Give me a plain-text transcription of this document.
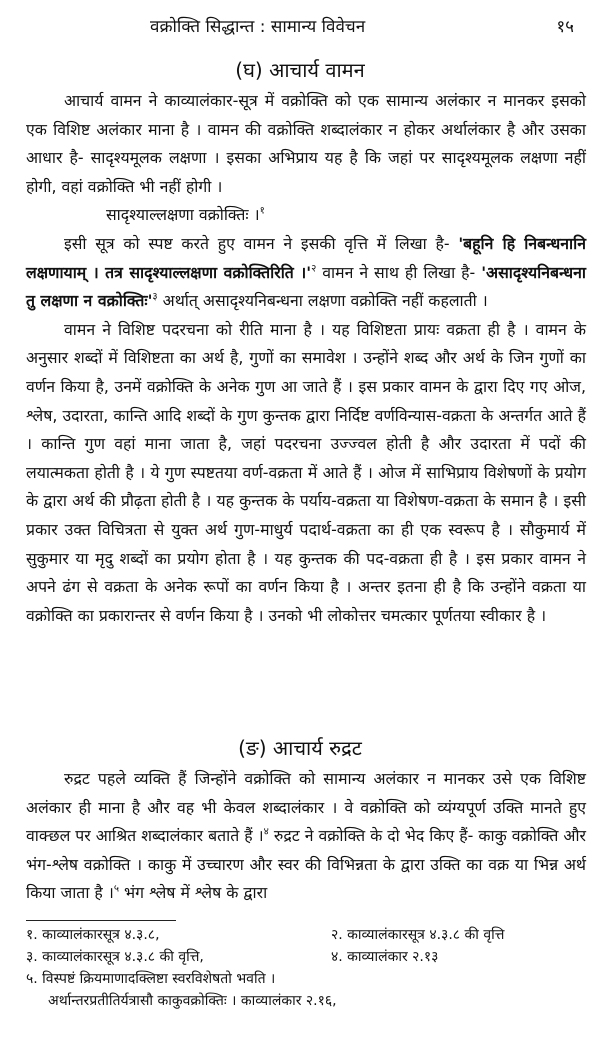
वक्रोक्ति सिद्धान्त : सामान्य विवेचन	१५
(घ) आचार्य वामन

आचार्य वामन ने काव्यालंकार-सूत्र में वक्रोक्ति को एक सामान्य अलंकार न मानकर इसको एक विशिष्ट अलंकार माना है । वामन की वक्रोक्ति शब्दालंकार न होकर अर्थालंकार है और उसका आधार है- सादृश्यमूलक लक्षणा । इसका अभिप्राय यह है कि जहां पर सादृश्यमूलक लक्षणा नहीं होगी, वहां वक्रोक्ति भी नहीं होगी ।

सादृश्याल्लक्षणा वक्रोक्तिः ।$^१$

इसी सूत्र को स्पष्ट करते हुए वामन ने इसकी वृत्ति में लिखा है- 'बहूनि हि निबन्धनानि लक्षणायाम् । तत्र सादृश्याल्लक्षणा वक्रोक्तिरिति $।'^२$ वामन ने साथ ही लिखा है- 'असादृश्यनिबन्धना तु लक्षणा न $वक्रोक्तिः'^३$ अर्थात् असादृश्यनिबन्धना लक्षणा वक्रोक्ति नहीं कहलाती ।

वामन ने विशिष्ट पदरचना को रीति माना है । यह विशिष्टता प्रायः वक्रता ही है । वामन के अनुसार शब्दों में विशिष्टता का अर्थ है, गुणों का समावेश । उन्होंने शब्द और अर्थ के जिन गुणों का वर्णन किया है, उनमें वक्रोक्ति के अनेक गुण आ जाते हैं । इस प्रकार वामन के द्वारा दिए गए ओज, श्लेष, उदारता, कान्ति आदि शब्दों के गुण कुन्तक द्वारा निर्दिष्ट वर्णविन्यास-वक्रता के अन्तर्गत आते हैं । कान्ति गुण वहां माना जाता है, जहां पदरचना उज्ज्वल होती है और उदारता में पदों की लयात्मकता होती है । ये गुण स्पष्टतया वर्ण-वक्रता में आते हैं । ओज में साभिप्राय विशेषणों के प्रयोग के द्वारा अर्थ की प्रौढ़ता होती है । यह कुन्तक के पर्याय-वक्रता या विशेषण-वक्रता के समान है । इसी प्रकार उक्त विचित्रता से युक्त अर्थ गुण-माधुर्य पदार्थ-वक्रता का ही एक स्वरूप है । सौकुमार्य में सुकुमार या मृदु शब्दों का प्रयोग होता है । यह कुन्तक की पद-वक्रता ही है । इस प्रकार वामन ने अपने ढंग से वक्रता के अनेक रूपों का वर्णन किया है । अन्तर इतना ही है कि उन्होंने वक्रता या वक्रोक्ति का प्रकारान्तर से वर्णन किया है । उनको भी लोकोत्तर चमत्कार पूर्णतया स्वीकार है ।

(ङ) आचार्य रुद्रट

रुद्रट पहले व्यक्ति हैं जिन्होंने वक्रोक्ति को सामान्य अलंकार न मानकर उसे एक विशिष्ट अलंकार ही माना है और वह भी केवल शब्दालंकार । वे वक्रोक्ति को व्यंग्यपूर्ण उक्ति मानते हुए वाक्छल पर आश्रित शब्दालंकार बताते हैं ।$^४$ रुद्रट ने वक्रोक्ति के दो भेद किए हैं- काकु वक्रोक्ति और भंग-श्लेष वक्रोक्ति । काकु में उच्चारण और स्वर की विभिन्नता के द्वारा उक्ति का वक्र या भिन्न अर्थ किया जाता है ।$^५$ भंग श्लेष में श्लेष के द्वारा

१. काव्यालंकारसूत्र ४.३.८,	२. काव्यालंकारसूत्र ४.३.८ की वृत्ति
३. काव्यालंकारसूत्र ४.३.८ की वृत्ति,	४. काव्यालंकार २.१३
५. विस्पष्टं क्रियमाणादक्लिष्टा स्वरविशेषतो भवति ।
अर्थान्तरप्रतीतिर्यत्रासौ काकुवक्रोक्तिः । काव्यालंकार २.१६,
